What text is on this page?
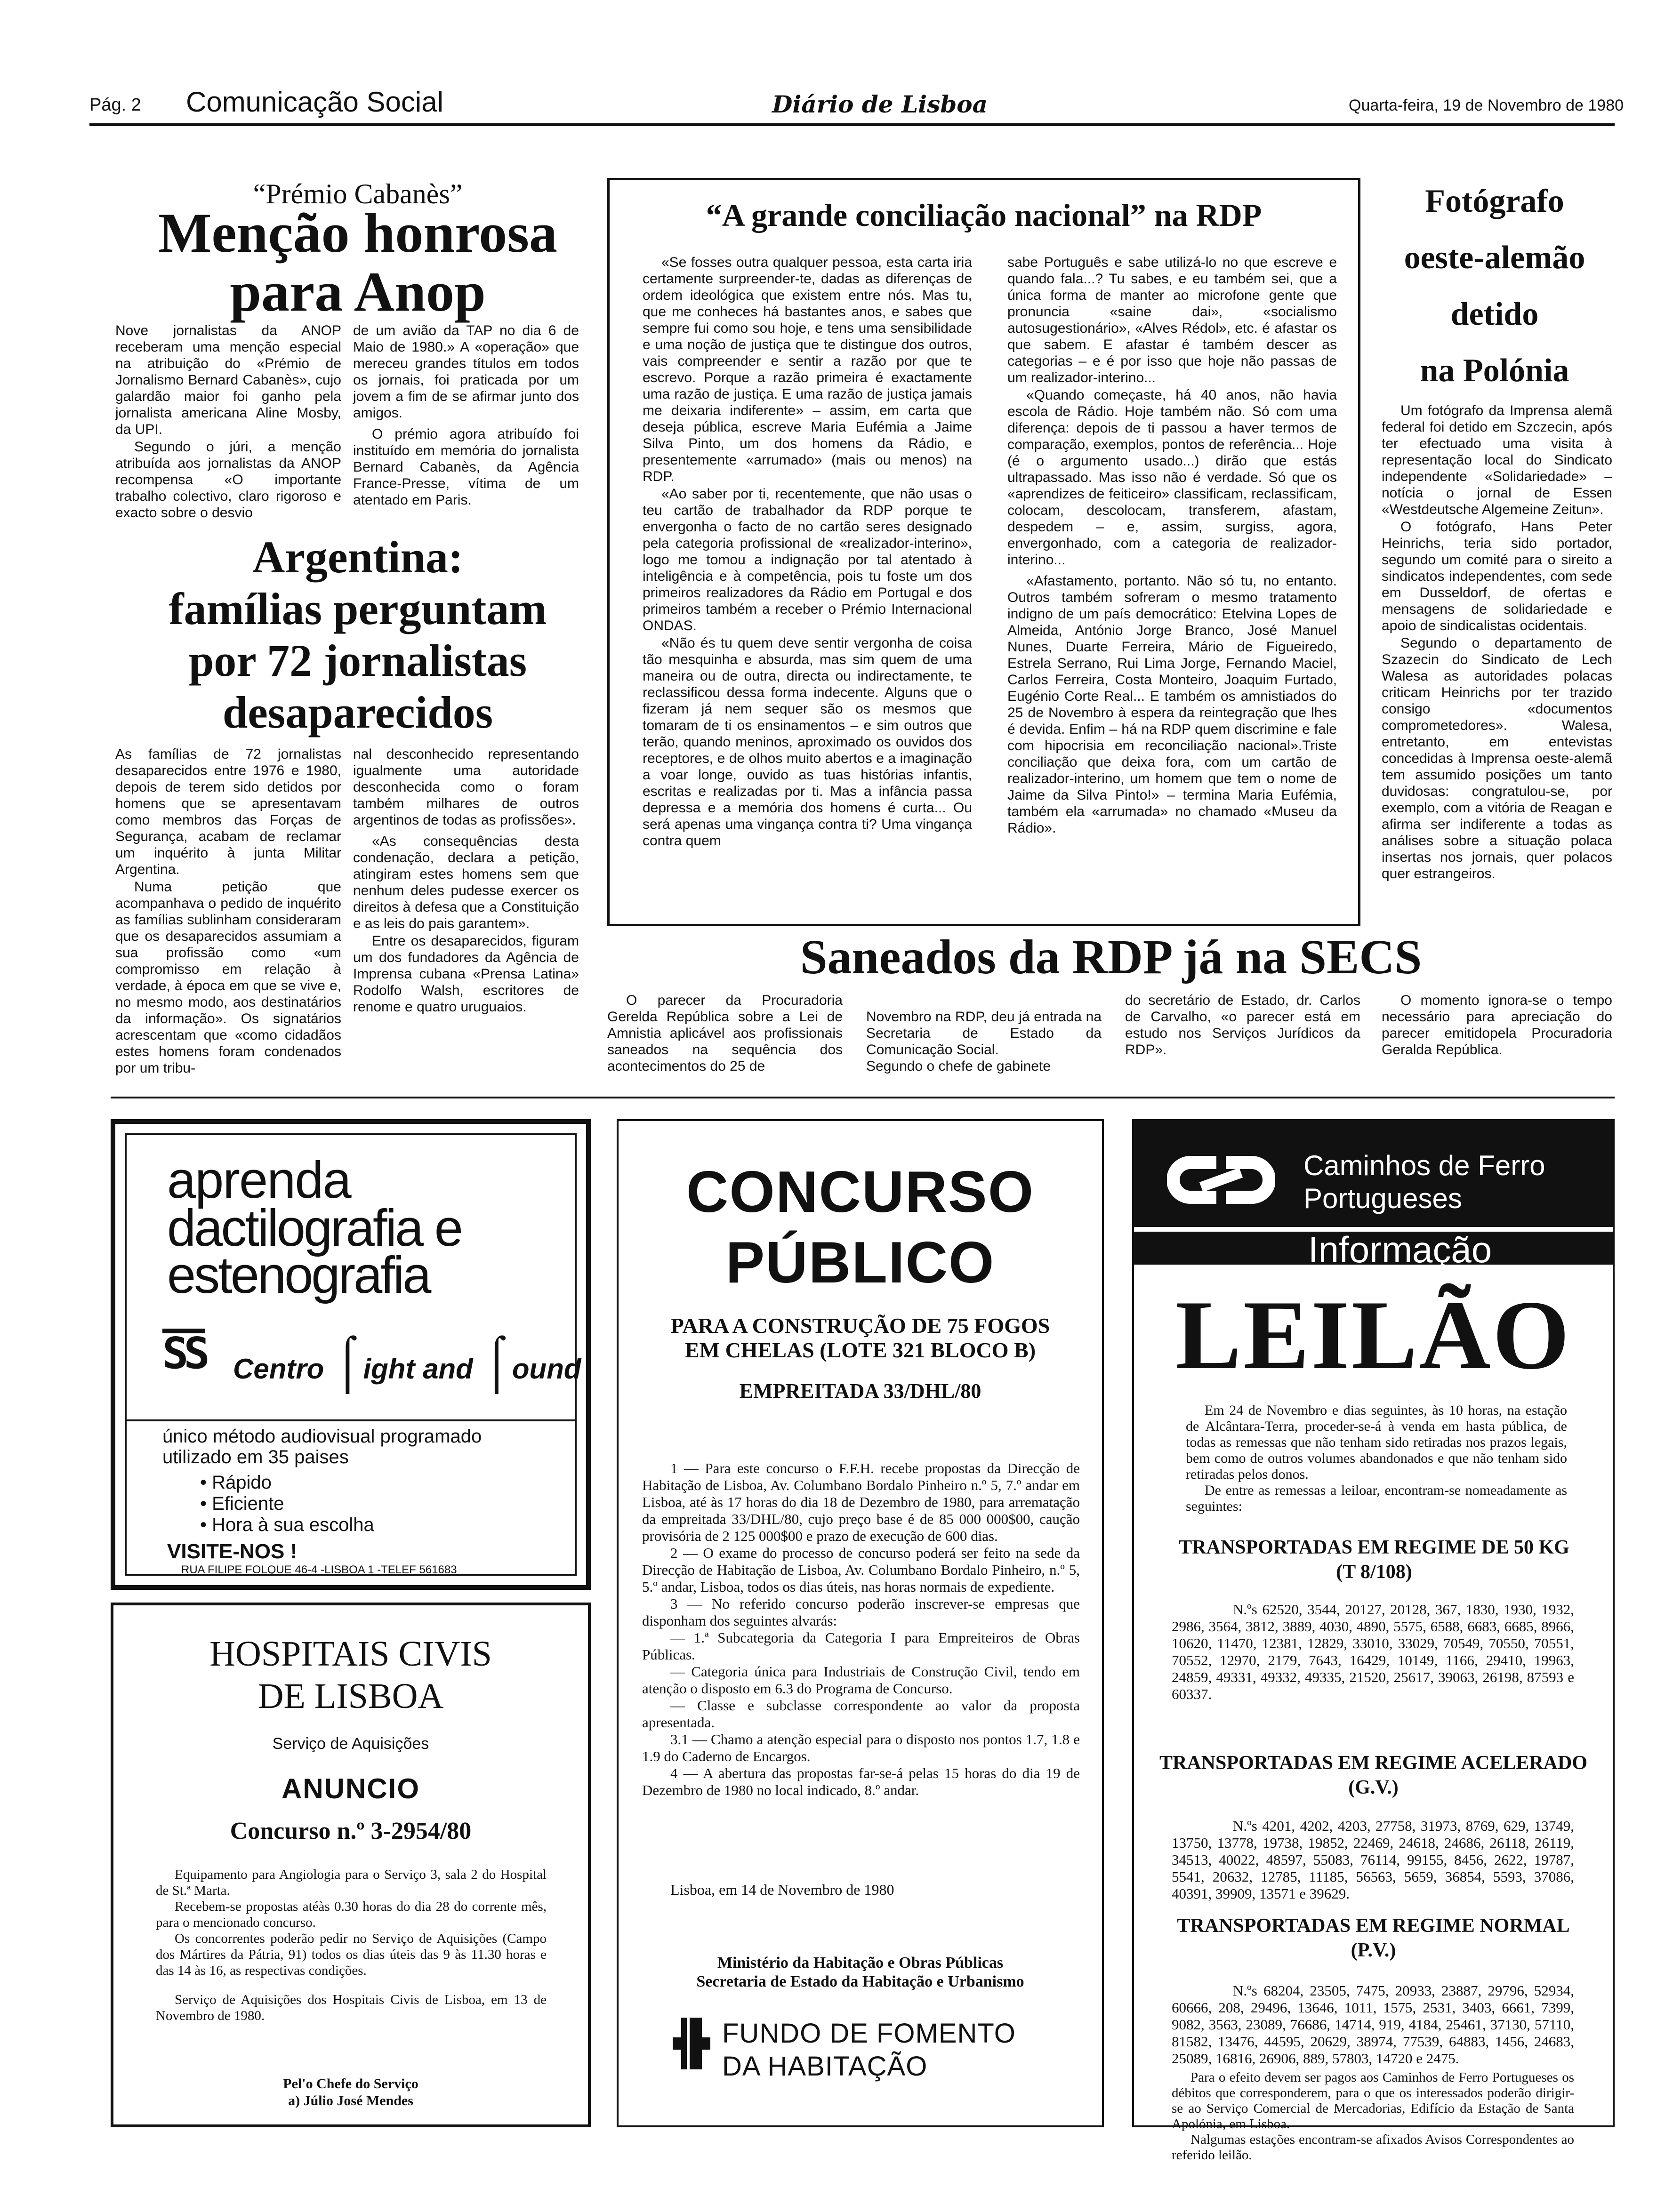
Pág. 2 Comunicação Social	Diário de Lisboa	Quarta-feira, 19 de Novembro de 1980
“Prémio Cabanès”
Menção honrosa
para Anop

Nove jornalistas da ANOP receberam uma menção especial na atribuição do «Prémio de Jornalismo Bernard Cabanès», cujo galardão maior foi ganho pela jornalista americana Aline Mosby, da UPI.

Segundo o júri, a menção atribuída aos jornalistas da ANOP recompensa «O importante trabalho colectivo, claro rigoroso e exacto sobre o desvio

de um avião da TAP no dia 6 de Maio de 1980.» A «operação» que mereceu grandes títulos em todos os jornais, foi praticada por um jovem a fim de se afirmar junto dos amigos.

O prémio agora atribuído foi instituído em memória do jornalista Bernard Cabanès, da Agência France-Presse, vítima de um atentado em Paris.

Argentina:
famílias perguntam
por 72 jornalistas
desaparecidos

As famílias de 72 jornalistas desaparecidos entre 1976 e 1980, depois de terem sido detidos por homens que se apresentavam como membros das Forças de Segurança, acabam de reclamar um inquérito à junta Militar Argentina.

Numa petição que acompanhava o pedido de inquérito as famílias sublinham consideraram que os desaparecidos assumiam a sua profissão como «um compromisso em relação à verdade, à época em que se vive e, no mesmo modo, aos destinatários da informação». Os signatários acrescentam que «como cidadãos estes homens foram condenados por um tribu-

nal desconhecido representando igualmente uma autoridade desconhecida como o foram também milhares de outros argentinos de todas as profissões».

«As consequências desta condenação, declara a petição, atingiram estes homens sem que nenhum deles pudesse exercer os direitos à defesa que a Constituição e as leis do pais garantem».

Entre os desaparecidos, figuram um dos fundadores da Agência de Imprensa cubana «Prensa Latina» Rodolfo Walsh, escritores de renome e quatro uruguaios.

“A grande conciliação nacional” na RDP

«Se fosses outra qualquer pessoa, esta carta iria certamente surpreender-te, dadas as diferenças de ordem ideológica que existem entre nós. Mas tu, que me conheces há bastantes anos, e sabes que sempre fui como sou hoje, e tens uma sensibilidade e uma noção de justiça que te distingue dos outros, vais compreender e sentir a razão por que te escrevo. Porque a razão primeira é exactamente uma razão de justiça. E uma razão de justiça jamais me deixaria indiferente» – assim, em carta que deseja pública, escreve Maria Eufémia a Jaime Silva Pinto, um dos homens da Rádio, e presentemente «arrumado» (mais ou menos) na RDP.

«Ao saber por ti, recentemente, que não usas o teu cartão de trabalhador da RDP porque te envergonha o facto de no cartão seres designado pela categoria profissional de «realizador-interino», logo me tomou a indignação por tal atentado à inteligência e à competência, pois tu foste um dos primeiros realizadores da Rádio em Portugal e dos primeiros também a receber o Prémio Internacional ONDAS.

«Não és tu quem deve sentir vergonha de coisa tão mesquinha e absurda, mas sim quem de uma maneira ou de outra, directa ou indirectamente, te reclassificou dessa forma indecente. Alguns que o fizeram já nem sequer são os mesmos que tomaram de ti os ensinamentos – e sim outros que terão, quando meninos, aproximado os ouvidos dos receptores, e de olhos muito abertos e a imaginação a voar longe, ouvido as tuas histórias infantis, escritas e realizadas por ti. Mas a infância passa depressa e a memória dos homens é curta... Ou será apenas uma vingança contra ti? Uma vingança contra quem

sabe Português e sabe utilizá-lo no que escreve e quando fala...? Tu sabes, e eu também sei, que a única forma de manter ao microfone gente que pronuncia «saine dai», «socialismo autosugestionário», «Alves Rédol», etc. é afastar os que sabem. E afastar é também descer as categorias – e é por isso que hoje não passas de um realizador-interino...

«Quando começaste, há 40 anos, não havia escola de Rádio. Hoje também não. Só com uma diferença: depois de ti passou a haver termos de comparação, exemplos, pontos de referência... Hoje (é o argumento usado...) dirão que estás ultrapassado. Mas isso não é verdade. Só que os «aprendizes de feiticeiro» classificam, reclassificam, colocam, descolocam, transferem, afastam, despedem – e, assim, surgiss, agora, envergonhado, com a categoria de realizador-interino...

«Afastamento, portanto. Não só tu, no entanto. Outros também sofreram o mesmo tratamento indigno de um país democrático: Etelvina Lopes de Almeida, António Jorge Branco, José Manuel Nunes, Duarte Ferreira, Mário de Figueiredo, Estrela Serrano, Rui Lima Jorge, Fernando Maciel, Carlos Ferreira, Costa Monteiro, Joaquim Furtado, Eugénio Corte Real... E também os amnistiados do 25 de Novembro à espera da reintegração que lhes é devida. Enfim – há na RDP quem discrimine e fale com hipocrisia em reconciliação nacional».Triste conciliação que deixa fora, com um cartão de realizador-interino, um homem que tem o nome de Jaime da Silva Pinto!» – termina Maria Eufémia, também ela «arrumada» no chamado «Museu da Rádio».

Fotógrafo
oeste-alemão
detido
na Polónia

Um fotógrafo da Imprensa alemã federal foi detido em Szczecin, após ter efectuado uma visita à representação local do Sindicato independente «Solidariedade» – notícia o jornal de Essen «Westdeutsche Algemeine Zeitun».

O fotógrafo, Hans Peter Heinrichs, teria sido portador, segundo um comité para o sireito a sindicatos independentes, com sede em Dusseldorf, de ofertas e mensagens de solidariedade e apoio de sindicalistas ocidentais.

Segundo o departamento de Szazecin do Sindicato de Lech Walesa as autoridades polacas criticam Heinrichs por ter trazido consigo «documentos comprometedores». Walesa, entretanto, em entevistas concedidas à Imprensa oeste-alemã tem assumido posições um tanto duvidosas: congratulou-se, por exemplo, com a vitória de Reagan e afirma ser indiferente a todas as análises sobre a situação polaca insertas nos jornais, quer polacos quer estrangeiros.

Saneados da RDP já na SECS

O parecer da Procuradoria Gerelda República sobre a Lei de Amnistia aplicável aos profissionais saneados na sequência dos acontecimentos do 25 de

Novembro na RDP, deu já entrada na Secretaria de Estado da Comunicação Social.
Segundo o chefe de gabinete

do secretário de Estado, dr. Carlos de Carvalho, «o parecer está em estudo nos Serviços Jurídicos da RDP».

O momento ignora-se o tempo necessário para apreciação do parecer emitidopela Procuradoria Geralda República.

aprenda
dactilografia e
estenografia
SS Centro ⌠ight and ⌠ound
único método audiovisual programado
utilizado em 35 paises
• Rápido
• Eficiente
• Hora à sua escolha
VISITE-NOS !
RUA FILIPE FOLQUE 46-4 -LISBOA 1 -TELEF 561683
HOSPITAIS CIVIS
DE LISBOA
Serviço de Aquisições
ANUNCIO
Concurso n.º 3-2954/80

Equipamento para Angiologia para o Serviço 3, sala 2 do Hospital de St.ª Marta.

Recebem-se propostas atéàs 0.30 horas do dia 28 do corrente mês, para o mencionado concurso.

Os concorrentes poderão pedir no Serviço de Aquisições (Campo dos Mártires da Pátria, 91) todos os dias úteis das 9 às 11.30 horas e das 14 às 16, as respectivas condições.

Serviço de Aquisições dos Hospitais Civis de Lisboa, em 13 de Novembro de 1980.

Pel'o Chefe do Serviço
a) Júlio José Mendes
CONCURSO
PÚBLICO
PARA A CONSTRUÇÃO DE 75 FOGOS
EM CHELAS (LOTE 321 BLOCO B)
EMPREITADA 33/DHL/80

1 — Para este concurso o F.F.H. recebe propostas da Direcção de Habitação de Lisboa, Av. Columbano Bordalo Pinheiro n.º 5, 7.º andar em Lisboa, até às 17 horas do dia 18 de Dezembro de 1980, para arrematação da empreitada 33/DHL/80, cujo preço base é de 85 000 000$00, caução provisória de 2 125 000$00 e prazo de execução de 600 dias.

2 — O exame do processo de concurso poderá ser feito na sede da Direcção de Habitação de Lisboa, Av. Columbano Bordalo Pinheiro, n.º 5, 5.º andar, Lisboa, todos os dias úteis, nas horas normais de expediente.

3 — No referido concurso poderão inscrever-se empresas que disponham dos seguintes alvarás:

— 1.ª Subcategoria da Categoria I para Empreiteiros de Obras Públicas.

— Categoria única para Industriais de Construção Civil, tendo em atenção o disposto em 6.3 do Programa de Concurso.

— Classe e subclasse correspondente ao valor da proposta apresentada.

3.1 — Chamo a atenção especial para o disposto nos pontos 1.7, 1.8 e 1.9 do Caderno de Encargos.

4 — A abertura das propostas far-se-á pelas 15 horas do dia 19 de Dezembro de 1980 no local indicado, 8.º andar.

Lisboa, em 14 de Novembro de 1980
Ministério da Habitação e Obras Públicas
Secretaria de Estado da Habitação e Urbanismo
FUNDO DE FOMENTO
DA HABITAÇÃO
Caminhos de Ferro
Portugueses
Informação
LEILÃO

Em 24 de Novembro e dias seguintes, às 10 horas, na estação de Alcântara-Terra, proceder-se-á à venda em hasta pública, de todas as remessas que não tenham sido retiradas nos prazos legais, bem como de outros volumes abandonados e que não tenham sido retiradas pelos donos.

De entre as remessas a leiloar, encontram-se nomeadamente as seguintes:

TRANSPORTADAS EM REGIME DE 50 KG (T 8/108)

N.ºs 62520, 3544, 20127, 20128, 367, 1830, 1930, 1932, 2986, 3564, 3812, 3889, 4030, 4890, 5575, 6588, 6683, 6685, 8966, 10620, 11470, 12381, 12829, 33010, 33029, 70549, 70550, 70551, 70552, 12970, 2179, 7643, 16429, 10149, 1166, 29410, 19963, 24859, 49331, 49332, 49335, 21520, 25617, 39063, 26198, 87593 e 60337.

TRANSPORTADAS EM REGIME ACELERADO
(G.V.)

N.ºs 4201, 4202, 4203, 27758, 31973, 8769, 629, 13749, 13750, 13778, 19738, 19852, 22469, 24618, 24686, 26118, 26119, 34513, 40022, 48597, 55083, 76114, 99155, 8456, 2622, 19787, 5541, 20632, 12785, 11185, 56563, 5659, 36854, 5593, 37086, 40391, 39909, 13571 e 39629.

TRANSPORTADAS EM REGIME NORMAL
(P.V.)

N.ºs 68204, 23505, 7475, 20933, 23887, 29796, 52934, 60666, 208, 29496, 13646, 1011, 1575, 2531, 3403, 6661, 7399, 9082, 3563, 23089, 76686, 14714, 919, 4184, 25461, 37130, 57110, 81582, 13476, 44595, 20629, 38974, 77539, 64883, 1456, 24683, 25089, 16816, 26906, 889, 57803, 14720 e 2475.

Para o efeito devem ser pagos aos Caminhos de Ferro Portugueses os débitos que corresponderem, para o que os interessados poderão dirigir-se ao Serviço Comercial de Mercadorias, Edifício da Estação de Santa Apolónia, em Lisboa.

Nalgumas estações encontram-se afixados Avisos Correspondentes ao referido leilão.
